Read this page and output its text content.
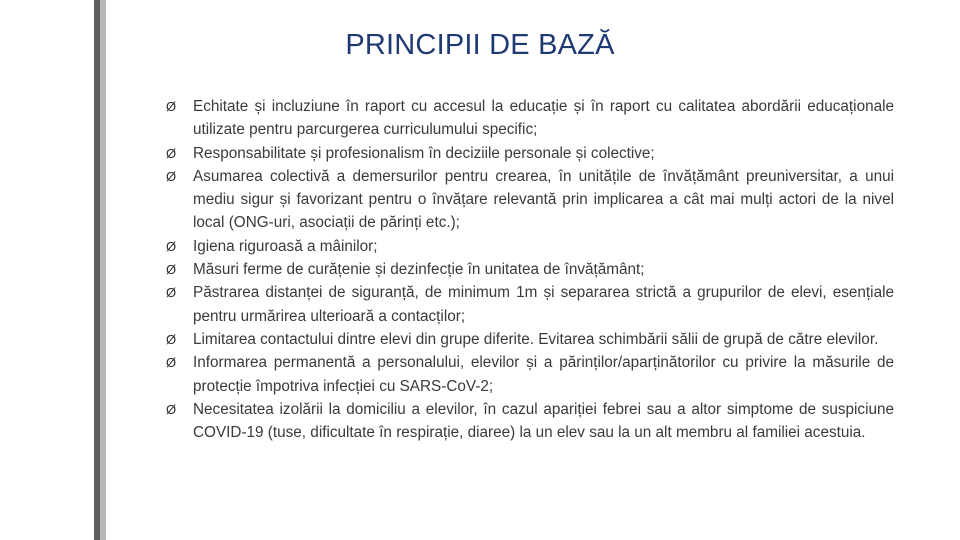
PRINCIPII DE BAZĂ
Ø Echitate și incluziune în raport cu accesul la educație și în raport cu calitatea abordării educaționale utilizate pentru parcurgerea curriculumului specific;
Ø Responsabilitate și profesionalism în deciziile personale și colective;
Ø Asumarea colectivă a demersurilor pentru crearea, în unitățile de învățământ preuniversitar, a unui mediu sigur și favorizant pentru o învățare relevantă prin implicarea a cât mai mulți actori de la nivel local (ONG-uri, asociații de părinți etc.);
Ø Igiena riguroasă a mâinilor;
Ø Măsuri ferme de curățenie și dezinfecție în unitatea de învățământ;
Ø Păstrarea distanței de siguranță, de minimum 1m și separarea strictă a grupurilor de elevi, esențiale pentru urmărirea ulterioară a contacților;
Ø Limitarea contactului dintre elevi din grupe diferite. Evitarea schimbării sălii de grupă de către elevilor.
Ø Informarea permanentă a personalului, elevilor și a părinților/aparținătorilor cu privire la măsurile de protecție împotriva infecției cu SARS-CoV-2;
Ø Necesitatea izolării la domiciliu a elevilor, în cazul apariției febrei sau a altor simptome de suspiciune COVID-19 (tuse, dificultate în respirație, diaree) la un elev sau la un alt membru al familiei acestuia.
